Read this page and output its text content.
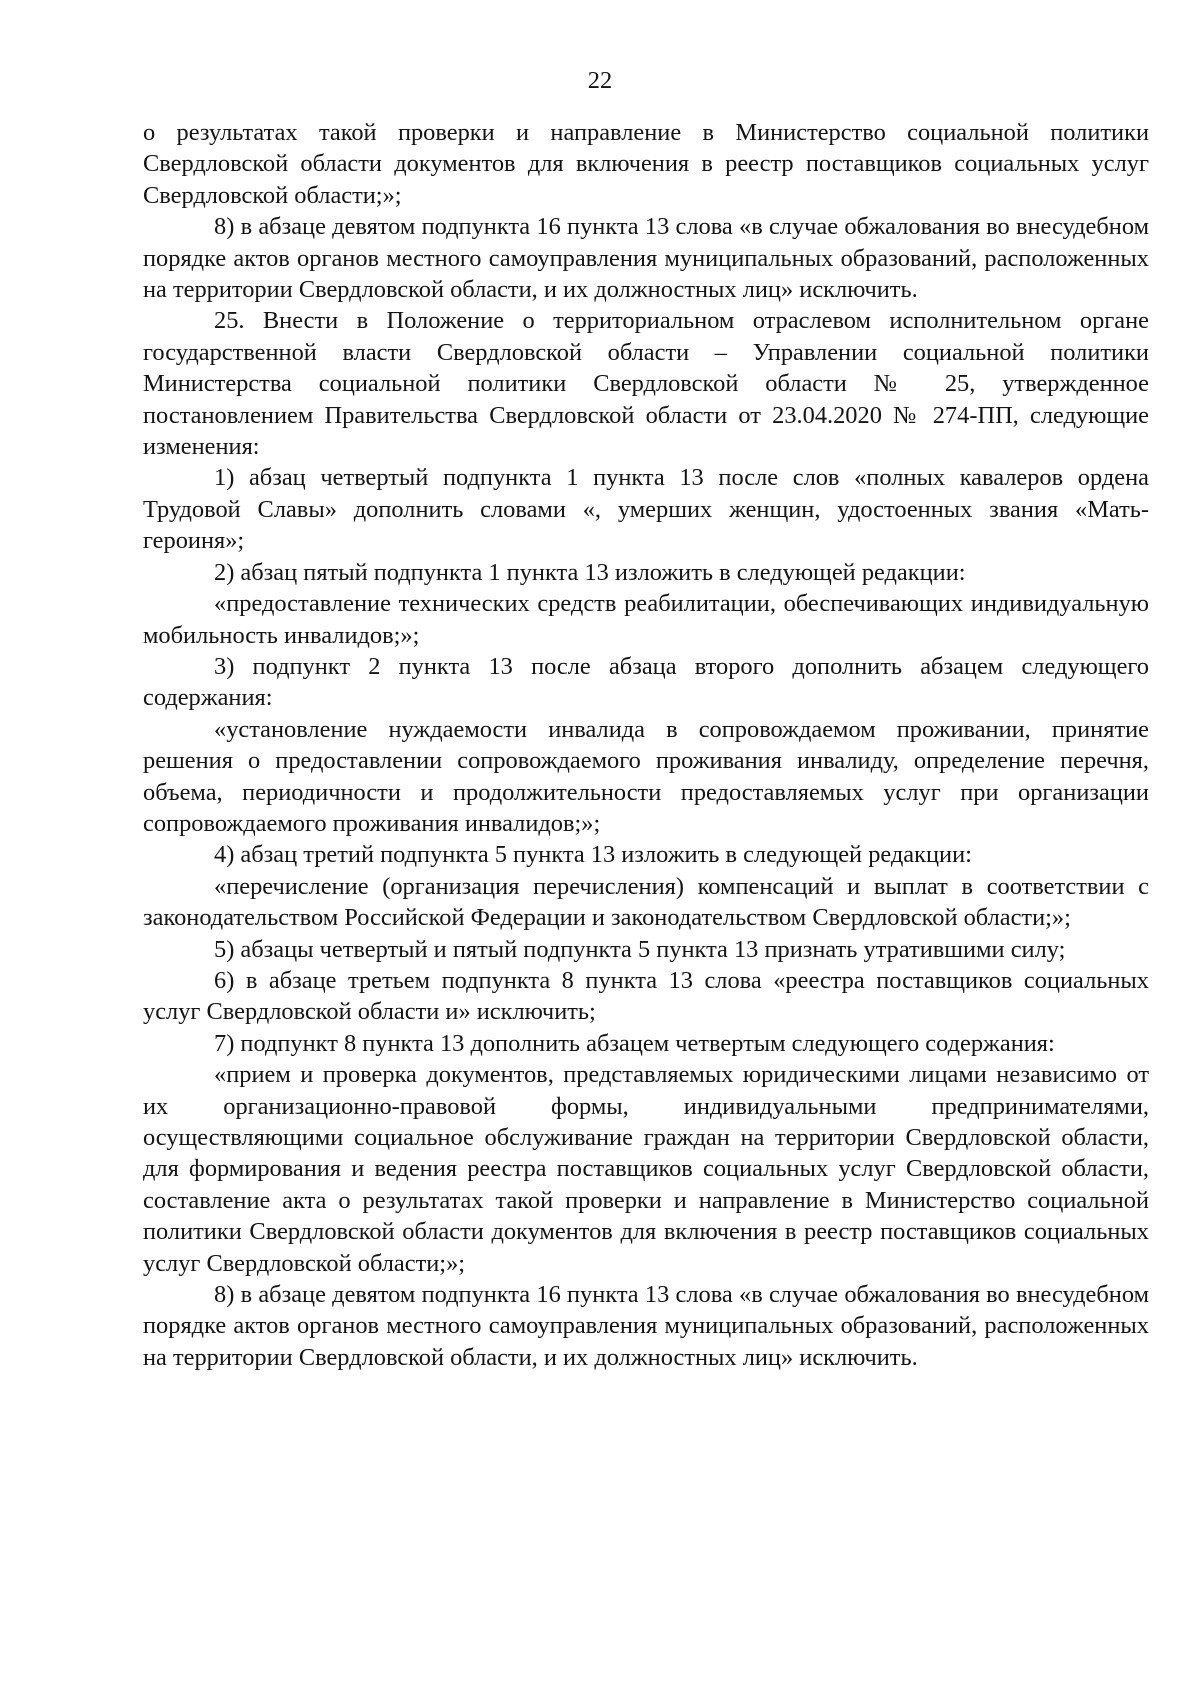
22

о результатах такой проверки и направление в Министерство социальной политики Свердловской области документов для включения в реестр поставщиков социальных услуг Свердловской области;»;

8) в абзаце девятом подпункта 16 пункта 13 слова «в случае обжалования во внесудебном порядке актов органов местного самоуправления муниципальных образований, расположенных на территории Свердловской области, и их должностных лиц» исключить.

25. Внести в Положение о территориальном отраслевом исполнительном органе государственной власти Свердловской области – Управлении социальной политики Министерства социальной политики Свердловской области № 25, утвержденное постановлением Правительства Свердловской области от 23.04.2020 № 274-ПП, следующие изменения:

1) абзац четвертый подпункта 1 пункта 13 после слов «полных кавалеров ордена Трудовой Славы» дополнить словами «, умерших женщин, удостоенных звания «Мать-героиня»;

2) абзац пятый подпункта 1 пункта 13 изложить в следующей редакции:

«предоставление технических средств реабилитации, обеспечивающих индивидуальную мобильность инвалидов;»;

3) подпункт 2 пункта 13 после абзаца второго дополнить абзацем следующего содержания:

«установление нуждаемости инвалида в сопровождаемом проживании, принятие решения о предоставлении сопровождаемого проживания инвалиду, определение перечня, объема, периодичности и продолжительности предоставляемых услуг при организации сопровождаемого проживания инвалидов;»;

4) абзац третий подпункта 5 пункта 13 изложить в следующей редакции:

«перечисление (организация перечисления) компенсаций и выплат в соответствии с законодательством Российской Федерации и законодательством Свердловской области;»;

5) абзацы четвертый и пятый подпункта 5 пункта 13 признать утратившими силу;

6) в абзаце третьем подпункта 8 пункта 13 слова «реестра поставщиков социальных услуг Свердловской области и» исключить;

7) подпункт 8 пункта 13 дополнить абзацем четвертым следующего содержания:

«прием и проверка документов, представляемых юридическими лицами независимо от их организационно-правовой формы, индивидуальными предпринимателями, осуществляющими социальное обслуживание граждан на территории Свердловской области, для формирования и ведения реестра поставщиков социальных услуг Свердловской области, составление акта о результатах такой проверки и направление в Министерство социальной политики Свердловской области документов для включения в реестр поставщиков социальных услуг Свердловской области;»;

8) в абзаце девятом подпункта 16 пункта 13 слова «в случае обжалования во внесудебном порядке актов органов местного самоуправления муниципальных образований, расположенных на территории Свердловской области, и их должностных лиц» исключить.
